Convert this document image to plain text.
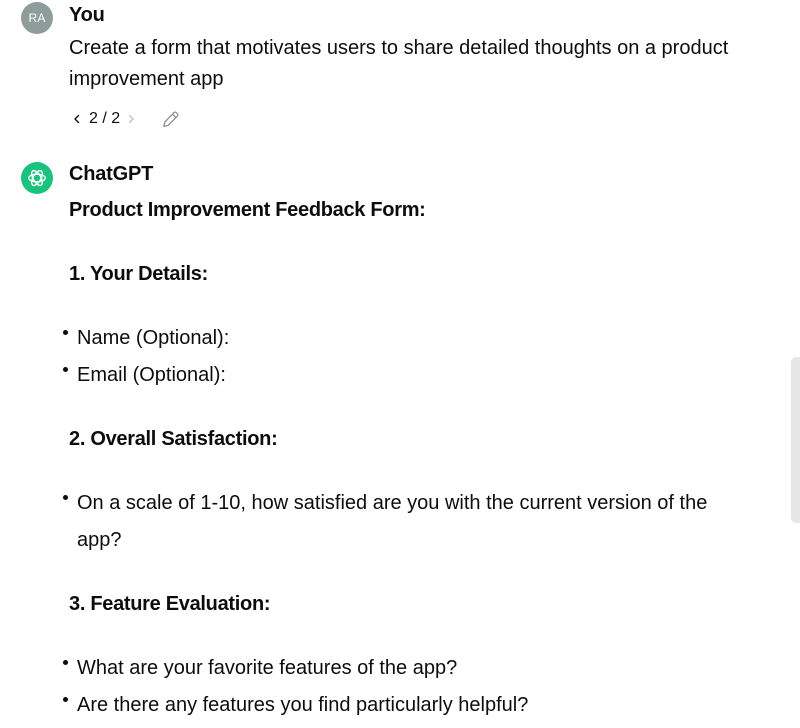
RA You
Create a form that motivates users to share detailed thoughts on a product improvement app
2 / 2
ChatGPT
Product Improvement Feedback Form:
1. Your Details:
Name (Optional):
Email (Optional):
2. Overall Satisfaction:
On a scale of 1-10, how satisfied are you with the current version of the app?
3. Feature Evaluation:
What are your favorite features of the app?
Are there any features you find particularly helpful?
